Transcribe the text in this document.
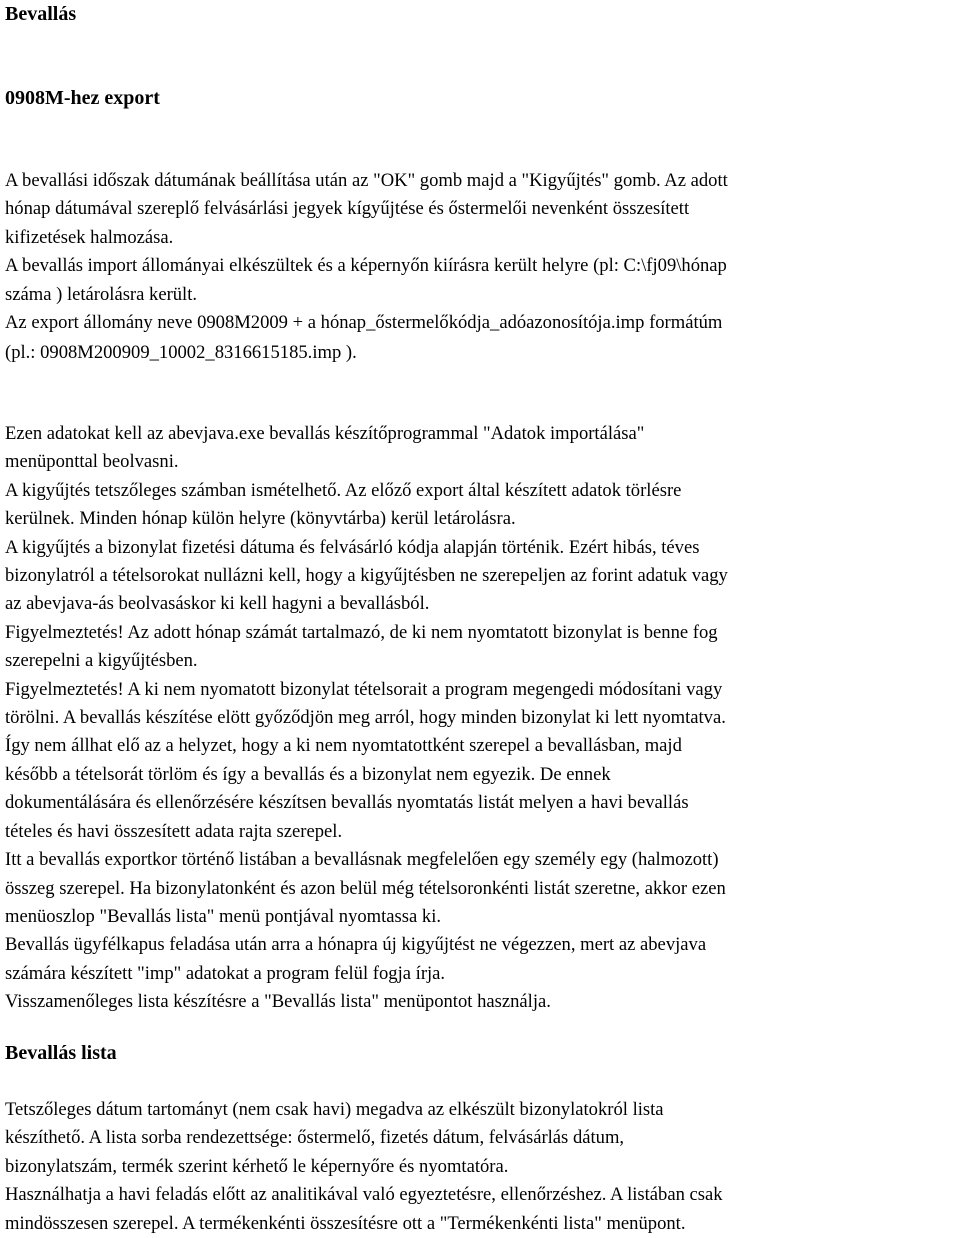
Bevallás
0908M-hez export

A bevallási időszak dátumának beállítása után az "OK" gomb majd a "Kigyűjtés" gomb. Az adott
hónap dátumával szereplő felvásárlási jegyek kígyűjtése és őstermelői nevenként összesített
kifizetések halmozása.
A bevallás import állományai elkészültek és a képernyőn kiírásra került helyre (pl: C:\fj09\hónap
száma ) letárolásra került.
Az export állomány neve 0908M2009 + a hónap_őstermelőkódja_adóazonosítója.imp formátúm

(pl.: 0908M200909_10002_8316615185.imp ).

Ezen adatokat kell az abevjava.exe bevallás készítőprogrammal "Adatok importálása"
menüponttal beolvasni.
A kigyűjtés tetszőleges számban ismételhető. Az előző export által készített adatok törlésre
kerülnek. Minden hónap külön helyre (könyvtárba) kerül letárolásra.
A kigyűjtés a bizonylat fizetési dátuma és felvásárló kódja alapján történik. Ezért hibás, téves
bizonylatról a tételsorokat nullázni kell, hogy a kigyűjtésben ne szerepeljen az forint adatuk vagy
az abevjava-ás beolvasáskor ki kell hagyni a bevallásból.
Figyelmeztetés! Az adott hónap számát tartalmazó, de ki nem nyomtatott bizonylat is benne fog
szerepelni a kigyűjtésben.
Figyelmeztetés! A ki nem nyomatott bizonylat tételsorait a program megengedi módosítani vagy
törölni. A bevallás készítése elött győződjön meg arról, hogy minden bizonylat ki lett nyomtatva.
Így nem állhat elő az a helyzet, hogy a ki nem nyomtatottként szerepel a bevallásban, majd
később a tételsorát törlöm és így a bevallás és a bizonylat nem egyezik. De ennek
dokumentálására és ellenőrzésére készítsen bevallás nyomtatás listát melyen a havi bevallás
tételes és havi összesített adata rajta szerepel.
Itt a bevallás exportkor történő listában a bevallásnak megfelelően egy személy egy (halmozott)
összeg szerepel. Ha bizonylatonként és azon belül még tételsoronkénti listát szeretne, akkor ezen
menüoszlop "Bevallás lista" menü pontjával nyomtassa ki.
Bevallás ügyfélkapus feladása után arra a hónapra új kigyűjtést ne végezzen, mert az abevjava
számára készített "imp" adatokat a program felül fogja írja.
Visszamenőleges lista készítésre a "Bevallás lista" menüpontot használja.

Bevallás lista

Tetszőleges dátum tartományt (nem csak havi) megadva az elkészült bizonylatokról lista
készíthető. A lista sorba rendezettsége: őstermelő, fizetés dátum, felvásárlás dátum,
bizonylatszám, termék szerint kérhető le képernyőre és nyomtatóra.
Használhatja a havi feladás előtt az analitikával való egyeztetésre, ellenőrzéshez. A listában csak
mindösszesen szerepel. A termékenkénti összesítésre ott a "Termékenkénti lista" menüpont.
